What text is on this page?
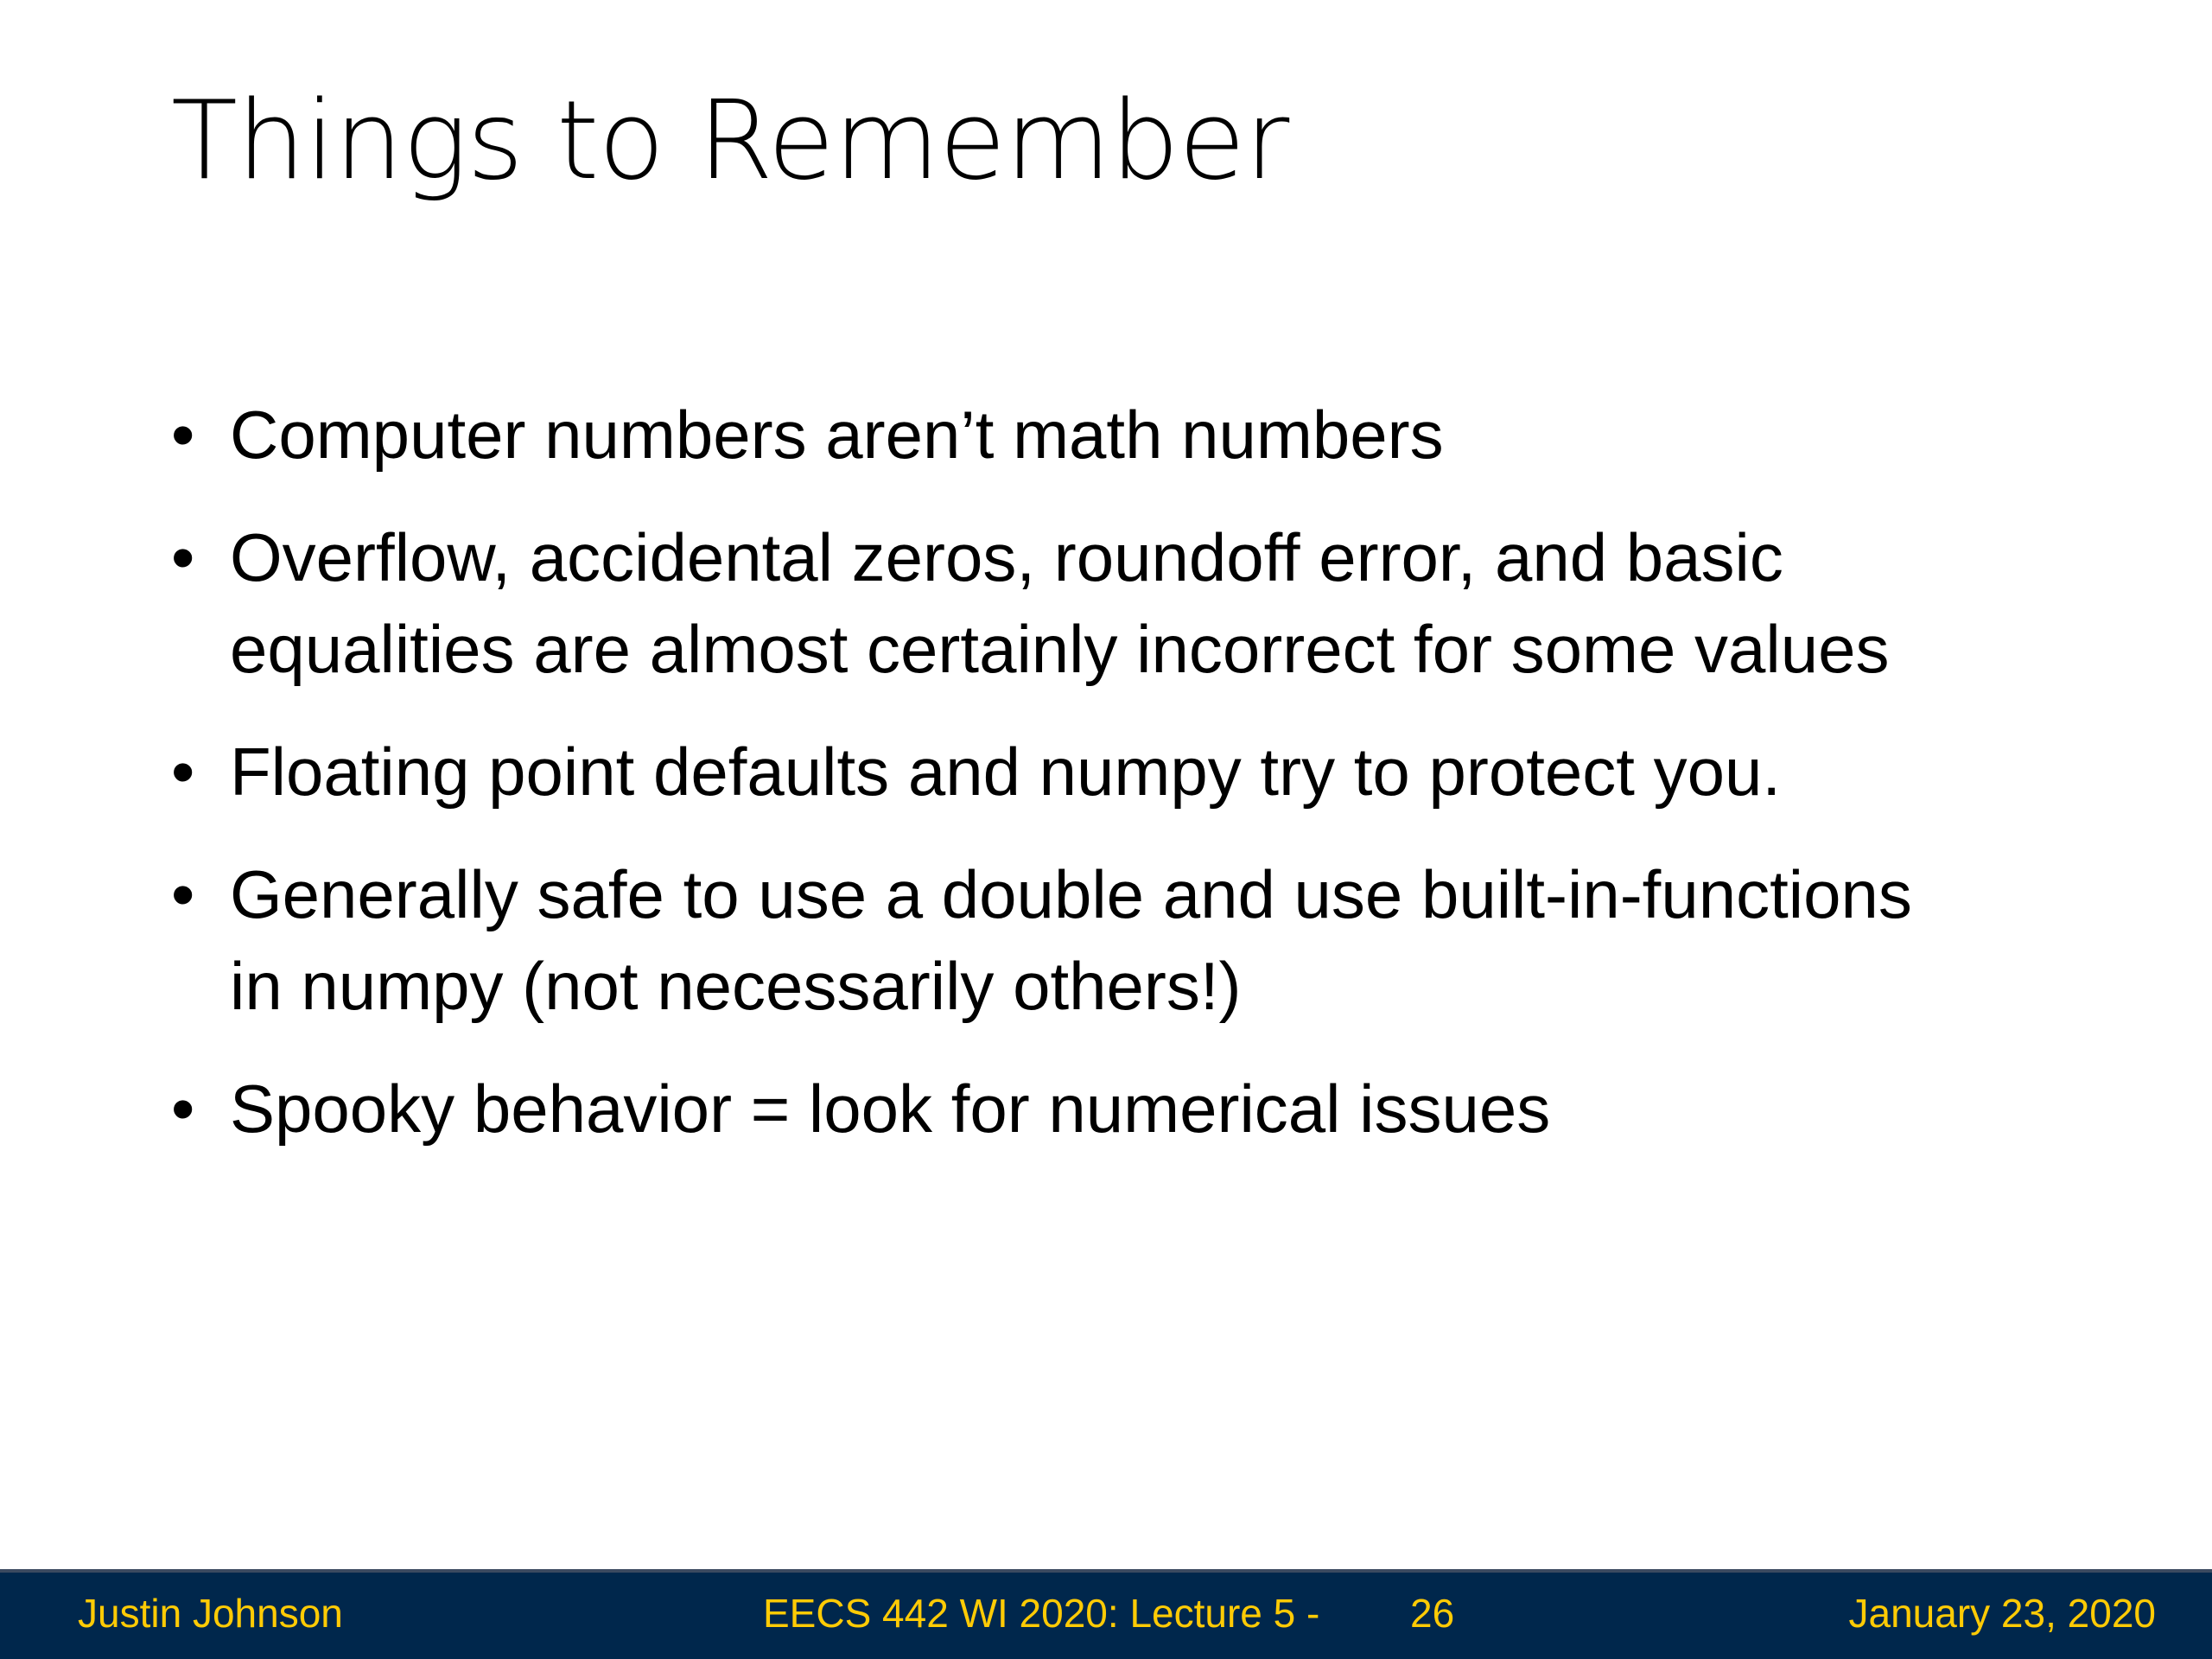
Things to Remember
• Computer numbers aren’t math numbers
• Overflow, accidental zeros, roundoff error, and basic equalities are almost certainly incorrect for some values
• Floating point defaults and numpy try to protect you.
• Generally safe to use a double and use built-in-functions in numpy (not necessarily others!)
• Spooky behavior = look for numerical issues
Justin Johnson	EECS 442 WI 2020: Lecture 5 - 26	January 23, 2020
